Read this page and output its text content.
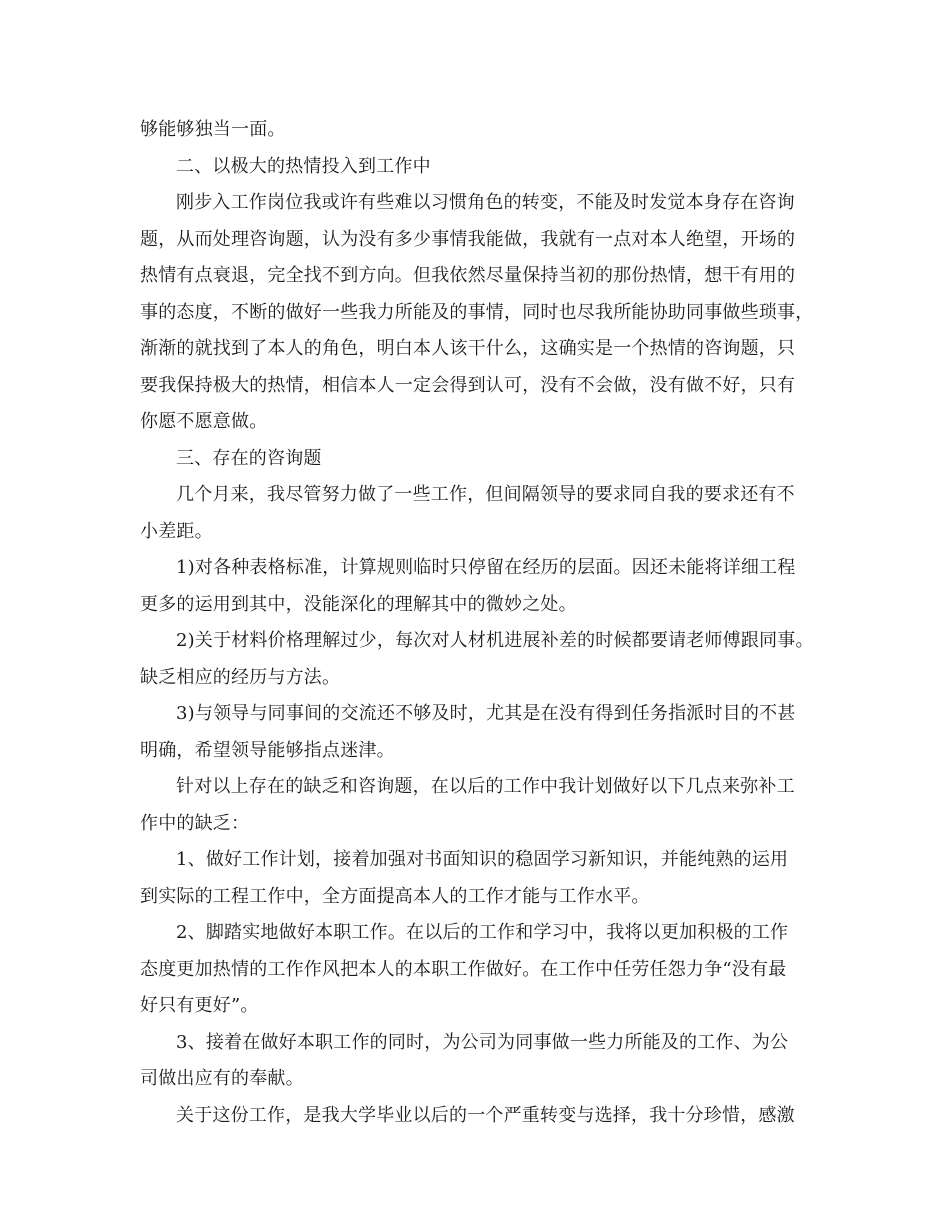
够能够独当一面。
二、以极大的热情投入到工作中
刚步入工作岗位我或许有些难以习惯角色的转变，不能及时发觉本身存在咨询
题，从而处理咨询题，认为没有多少事情我能做，我就有一点对本人绝望，开场的
热情有点衰退，完全找不到方向。但我依然尽量保持当初的那份热情，想干有用的
事的态度，不断的做好一些我力所能及的事情，同时也尽我所能协助同事做些琐事，
渐渐的就找到了本人的角色，明白本人该干什么，这确实是一个热情的咨询题，只
要我保持极大的热情，相信本人一定会得到认可，没有不会做，没有做不好，只有
你愿不愿意做。
三、存在的咨询题
几个月来，我尽管努力做了一些工作，但间隔领导的要求同自我的要求还有不
小差距。
1)对各种表格标准，计算规则临时只停留在经历的层面。因还未能将详细工程
更多的运用到其中，没能深化的理解其中的微妙之处。
2)关于材料价格理解过少，每次对人材机进展补差的时候都要请老师傅跟同事。
缺乏相应的经历与方法。
3)与领导与同事间的交流还不够及时，尤其是在没有得到任务指派时目的不甚
明确，希望领导能够指点迷津。
针对以上存在的缺乏和咨询题，在以后的工作中我计划做好以下几点来弥补工
作中的缺乏：
1、做好工作计划，接着加强对书面知识的稳固学习新知识，并能纯熟的运用
到实际的工程工作中，全方面提高本人的工作才能与工作水平。
2、脚踏实地做好本职工作。在以后的工作和学习中，我将以更加积极的工作
态度更加热情的工作作风把本人的本职工作做好。在工作中任劳任怨力争“没有最
好只有更好”。
3、接着在做好本职工作的同时，为公司为同事做一些力所能及的工作、为公
司做出应有的奉献。
关于这份工作，是我大学毕业以后的一个严重转变与选择，我十分珍惜，感激
